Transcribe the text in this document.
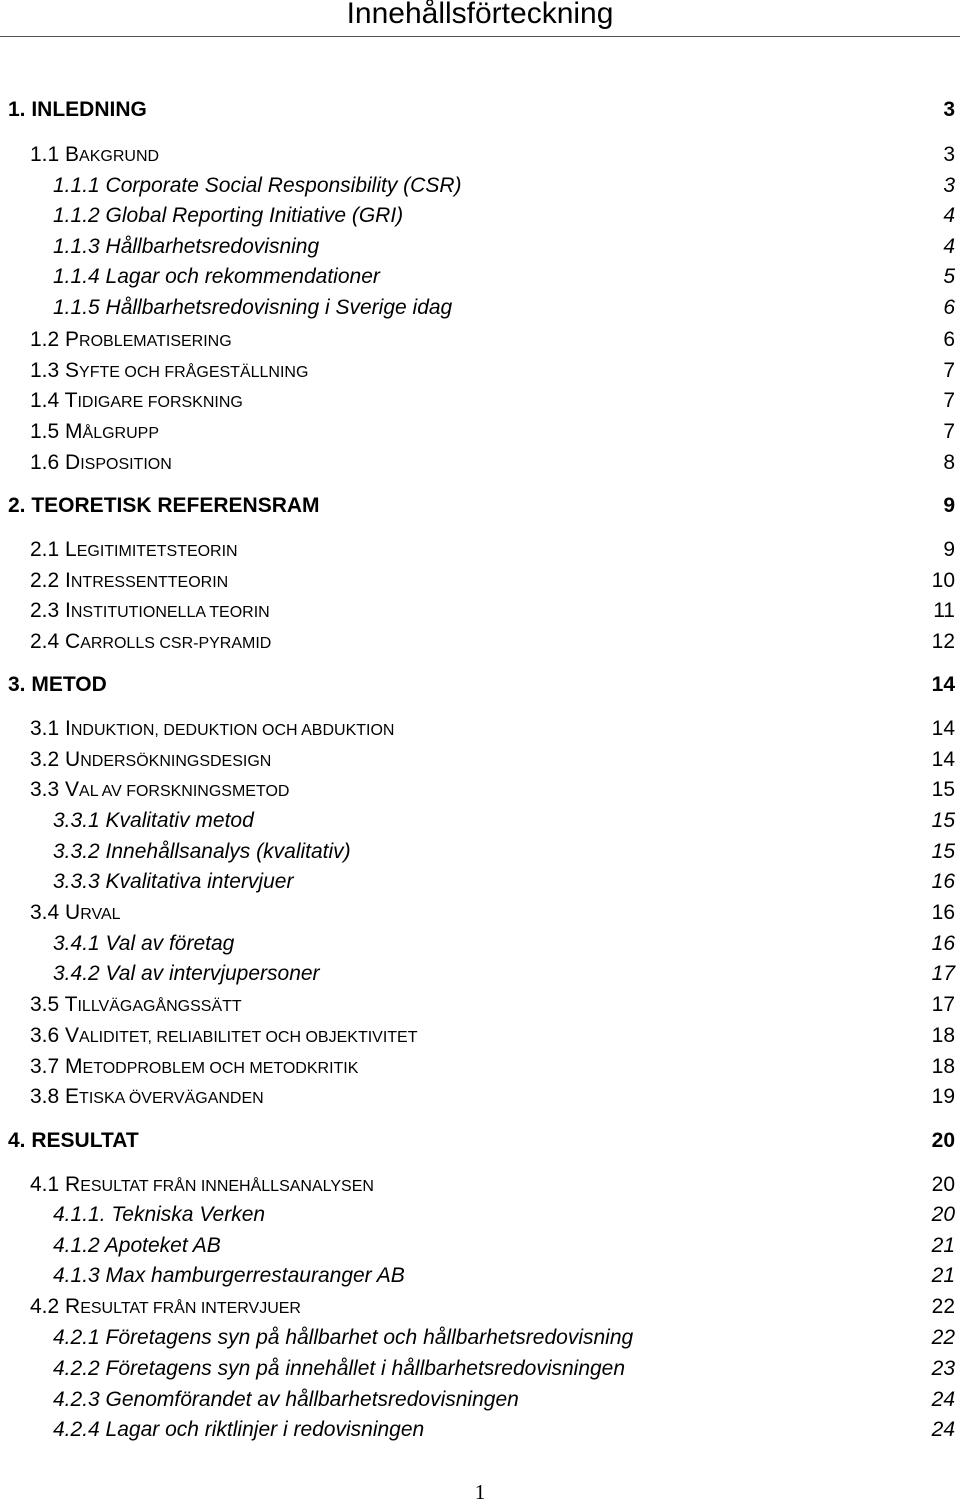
Innehållsförteckning
1. INLEDNING	3
1.1 BAKGRUND	3
1.1.1 Corporate Social Responsibility (CSR)	3
1.1.2 Global Reporting Initiative (GRI)	4
1.1.3 Hållbarhetsredovisning	4
1.1.4 Lagar och rekommendationer	5
1.1.5 Hållbarhetsredovisning i Sverige idag	6
1.2 PROBLEMATISERING	6
1.3 SYFTE OCH FRÅGESTÄLLNING	7
1.4 TIDIGARE FORSKNING	7
1.5 MÅLGRUPP	7
1.6 DISPOSITION	8
2. TEORETISK REFERENSRAM	9
2.1 LEGITIMITETSTEORIN	9
2.2 INTRESSENTTEORIN	10
2.3 INSTITUTIONELLA TEORIN	11
2.4 CARROLLS CSR-PYRAMID	12
3. METOD	14
3.1 INDUKTION, DEDUKTION OCH ABDUKTION	14
3.2 UNDERSÖKNINGSDESIGN	14
3.3 VAL AV FORSKNINGSMETOD	15
3.3.1 Kvalitativ metod	15
3.3.2 Innehållsanalys (kvalitativ)	15
3.3.3 Kvalitativa intervjuer	16
3.4 URVAL	16
3.4.1 Val av företag	16
3.4.2 Val av intervjupersoner	17
3.5 TILLVÄGAGÅNGSSÄTT	17
3.6 VALIDITET, RELIABILITET OCH OBJEKTIVITET	18
3.7 METODPROBLEM OCH METODKRITIK	18
3.8 ETISKA ÖVERVÄGANDEN	19
4. RESULTAT	20
4.1 RESULTAT FRÅN INNEHÅLLSANALYSEN	20
4.1.1. Tekniska Verken	20
4.1.2 Apoteket AB	21
4.1.3 Max hamburgerrestauranger AB	21
4.2 RESULTAT FRÅN INTERVJUER	22
4.2.1 Företagens syn på hållbarhet och hållbarhetsredovisning	22
4.2.2 Företagens syn på innehållet i hållbarhetsredovisningen	23
4.2.3 Genomförandet av hållbarhetsredovisningen	24
4.2.4 Lagar och riktlinjer i redovisningen	24
1
